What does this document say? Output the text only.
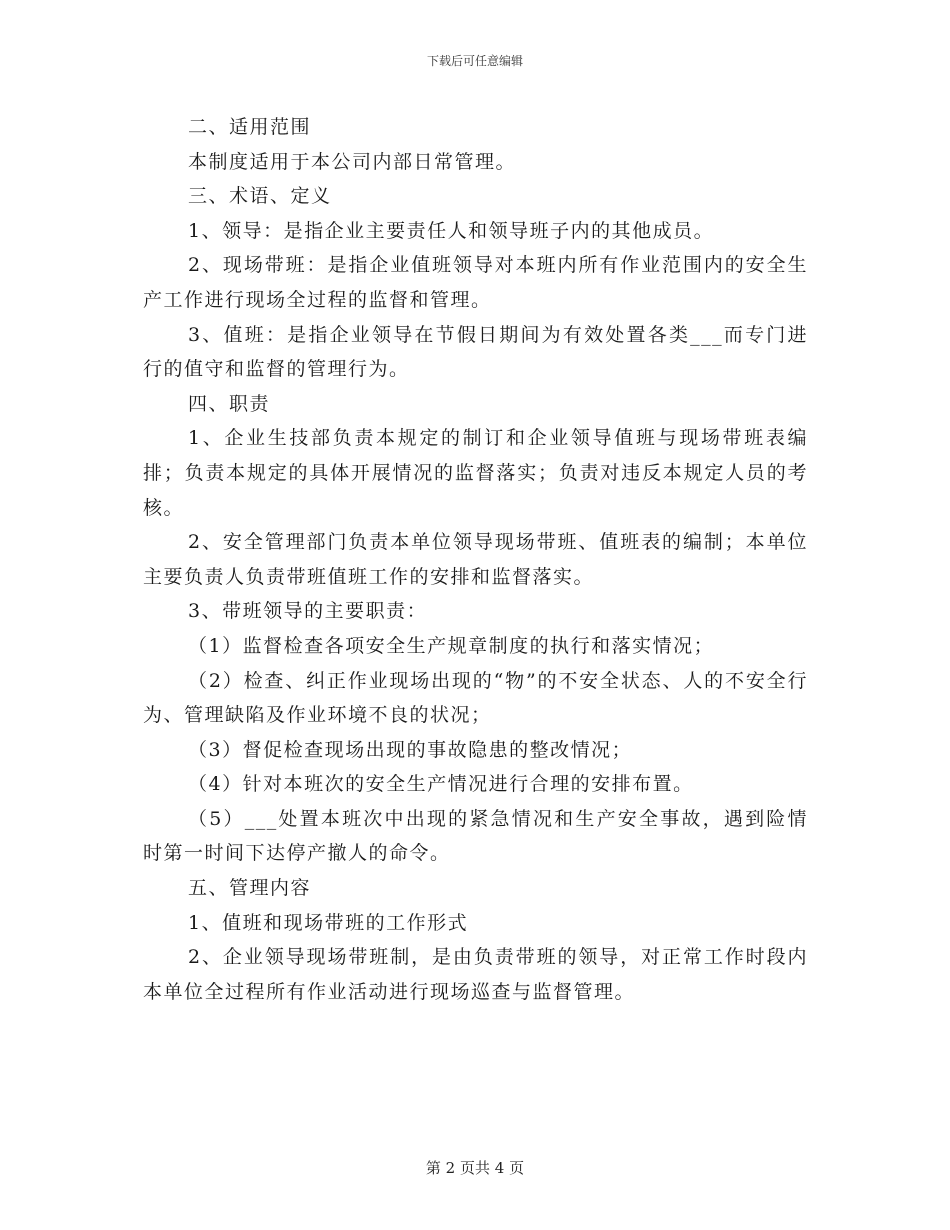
下载后可任意编辑

二、适用范围

本制度适用于本公司内部日常管理。

三、术语、定义

1、领导：是指企业主要责任人和领导班子内的其他成员。

2、现场带班：是指企业值班领导对本班内所有作业范围内的安全生产工作进行现场全过程的监督和管理。

3、值班：是指企业领导在节假日期间为有效处置各类___而专门进行的值守和监督的管理行为。

四、职责

1、企业生技部负责本规定的制订和企业领导值班与现场带班表编排；负责本规定的具体开展情况的监督落实；负责对违反本规定人员的考核。

2、安全管理部门负责本单位领导现场带班、值班表的编制；本单位主要负责人负责带班值班工作的安排和监督落实。

3、带班领导的主要职责：

（1）监督检查各项安全生产规章制度的执行和落实情况；

（2）检查、纠正作业现场出现的“物”的不安全状态、人的不安全行为、管理缺陷及作业环境不良的状况；

（3）督促检查现场出现的事故隐患的整改情况；

（4）针对本班次的安全生产情况进行合理的安排布置。

（5）___处置本班次中出现的紧急情况和生产安全事故，遇到险情时第一时间下达停产撤人的命令。

五、管理内容

1、值班和现场带班的工作形式

2、企业领导现场带班制，是由负责带班的领导，对正常工作时段内本单位全过程所有作业活动进行现场巡查与监督管理。

第 2 页共 4 页
